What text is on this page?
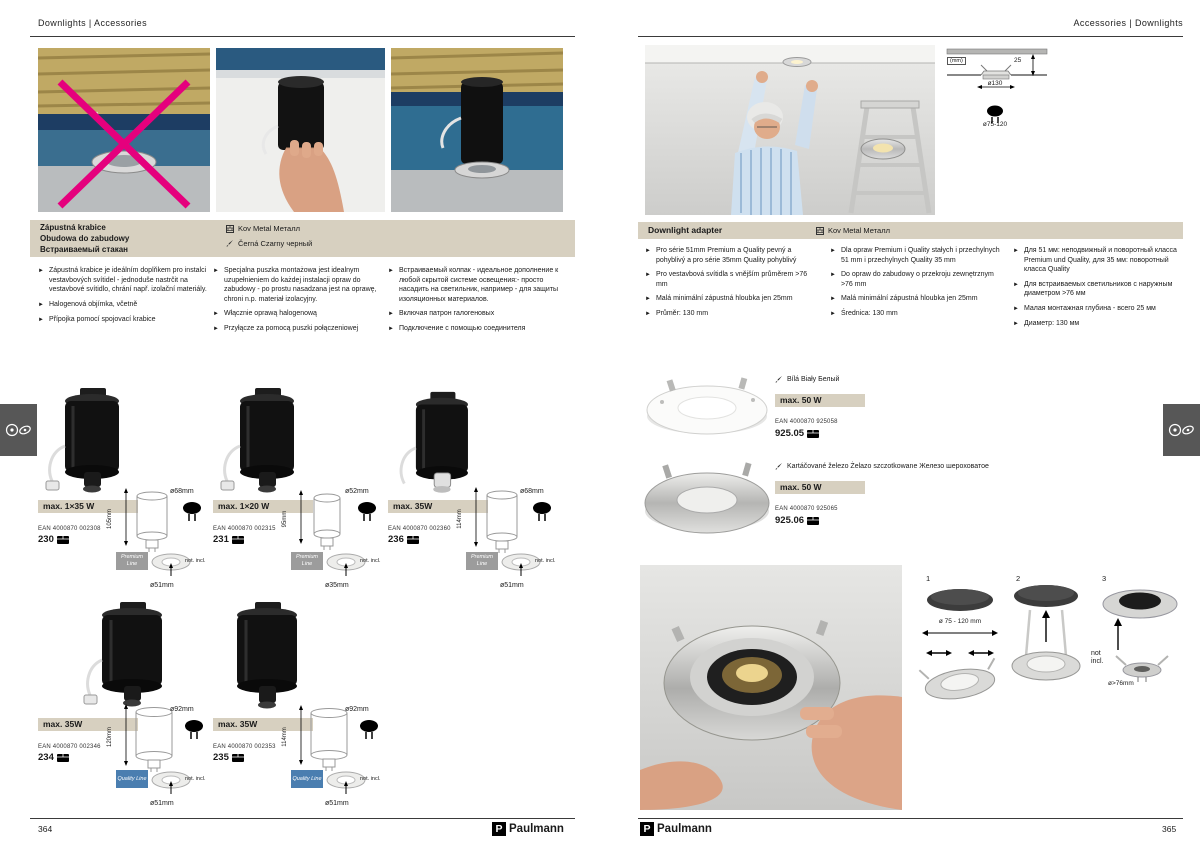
Downlights | Accessories
Zápustná krabice
Obudowa do zabudowy
Встраиваемый стакан
Kov Metal Металл
Černá Czarny черный
► Zápustná krabice je ideálním doplňkem pro instalci vestavbových svítidel - jednoduše nastrčit na vestavbové svítidlo, chrání např. izolační materiály.
► Halogenová objímka, včetně
► Přípojka pomocí spojovací krabice
► Specjalna puszka montażowa jest idealnym uzupełnieniem do każdej instalacji opraw do zabudowy - po prostu nasadzana jest na oprawę, chroni n.p. materiał izolacyjny.
► Włącznie oprawą halogenową
► Przyłącze za pomocą puszki połączeniowej
► Встраиваемый колпак - идеальное дополнение к любой скрытой системе освещения:- просто насадить на светильник, например - для защиты изоляционных материалов.
► Включая патрон галогеновых
► Подключение с помощью соединителя
max. 1×35 W
EAN 4000870 002308
230
105mm
ø68mm
Premium Line	not. incl.
ø51mm
max. 1×20 W
EAN 4000870 002315
231
95mm
ø52mm
Premium Line	not. incl.
ø35mm
max. 35W
EAN 4000870 002360
236
114mm
ø68mm
Premium Line	not. incl.
ø51mm
max. 35W
EAN 4000870 002346
234
120mm
ø92mm
Quality Line	not. incl.
ø51mm
max. 35W
EAN 4000870 002353
235
114mm
ø92mm
Quality Line	not. incl.
ø51mm
364	P Paulmann
Accessories | Downlights
(mm)	25
ø130
ø75-120
Downlight adapter	Kov Metal Металл
► Pro série 51mm Premium a Quality pevný a pohyblivý a pro série 35mm Quality pohyblivý
► Pro vestavbová svítidla s vnějším průměrem >76 mm
► Malá minimální zápustná hloubka jen 25mm
► Průměr: 130 mm
► Dla opraw Premium i Quality stałych i przechylnych 51 mm i przechylnych Quality 35 mm
► Do opraw do zabudowy o przekroju zewnętrznym >76 mm
► Malá minimální zápustná hloubka jen 25mm
► Średnica: 130 mm
► Для 51 мм: неподвижный и поворотный класса Premium und Quality, для 35 мм: поворотный класса Quality
► Для встраиваемых светильников с наружным диаметром >76 мм
► Малая монтажная глубина - всего 25 мм
► Диаметр: 130 мм
Bílá Biały Белый
max. 50 W
EAN 4000870 925058
925.05
Kartáčované železo Żelazo szczotkowane Железо шероховатое
max. 50 W
EAN 4000870 925065
925.06
1
ø 75 - 120 mm
2	3
not incl.
ø>76mm
P Paulmann	365
